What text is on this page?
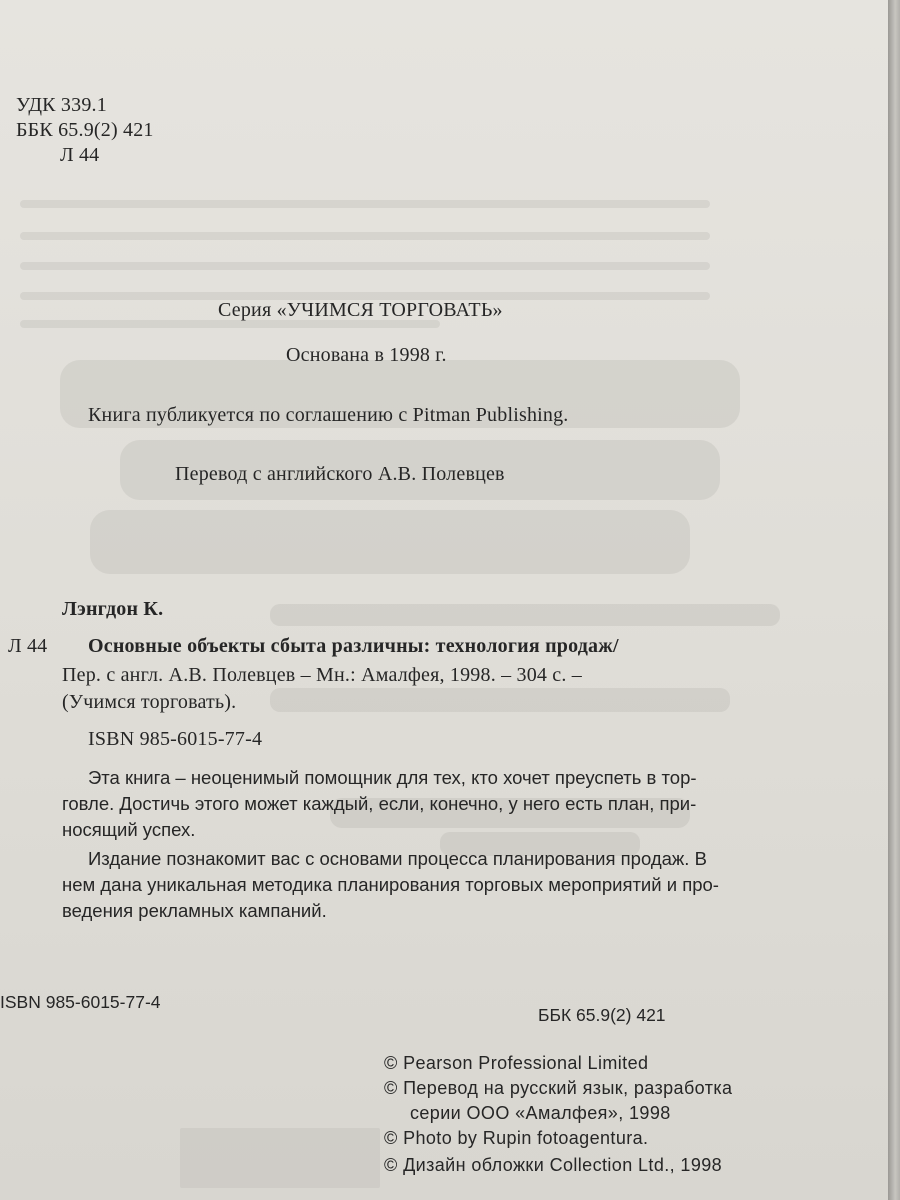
УДК 339.1

ББК 65.9(2) 421

Л 44

Серия «УЧИМСЯ ТОРГОВАТЬ»

Основана в 1998 г.

Книга публикуется по соглашению с Pitman Publishing.

Перевод с английского А.В. Полевцев

Лэнгдон К.

Л 44 Основные объекты сбыта различны: технология продаж/

Пер. с англ. А.В. Полевцев – Мн.: Амалфея, 1998. – 304 с. –

(Учимся торговать).

ISBN 985-6015-77-4

Эта книга – неоценимый помощник для тех, кто хочет преуспеть в тор-

говле. Достичь этого может каждый, если, конечно, у него есть план, при-

носящий успех.

Издание познакомит вас с основами процесса планирования продаж. В

нем дана уникальная методика планирования торговых мероприятий и про-

ведения рекламных кампаний.

ISBN 985-6015-77-4

ББК 65.9(2) 421

© Pearson Professional Limited

© Перевод на русский язык, разработка

серии ООО «Амалфея», 1998

© Photo by Rupin fotoagentura.

© Дизайн обложки Collection Ltd., 1998
